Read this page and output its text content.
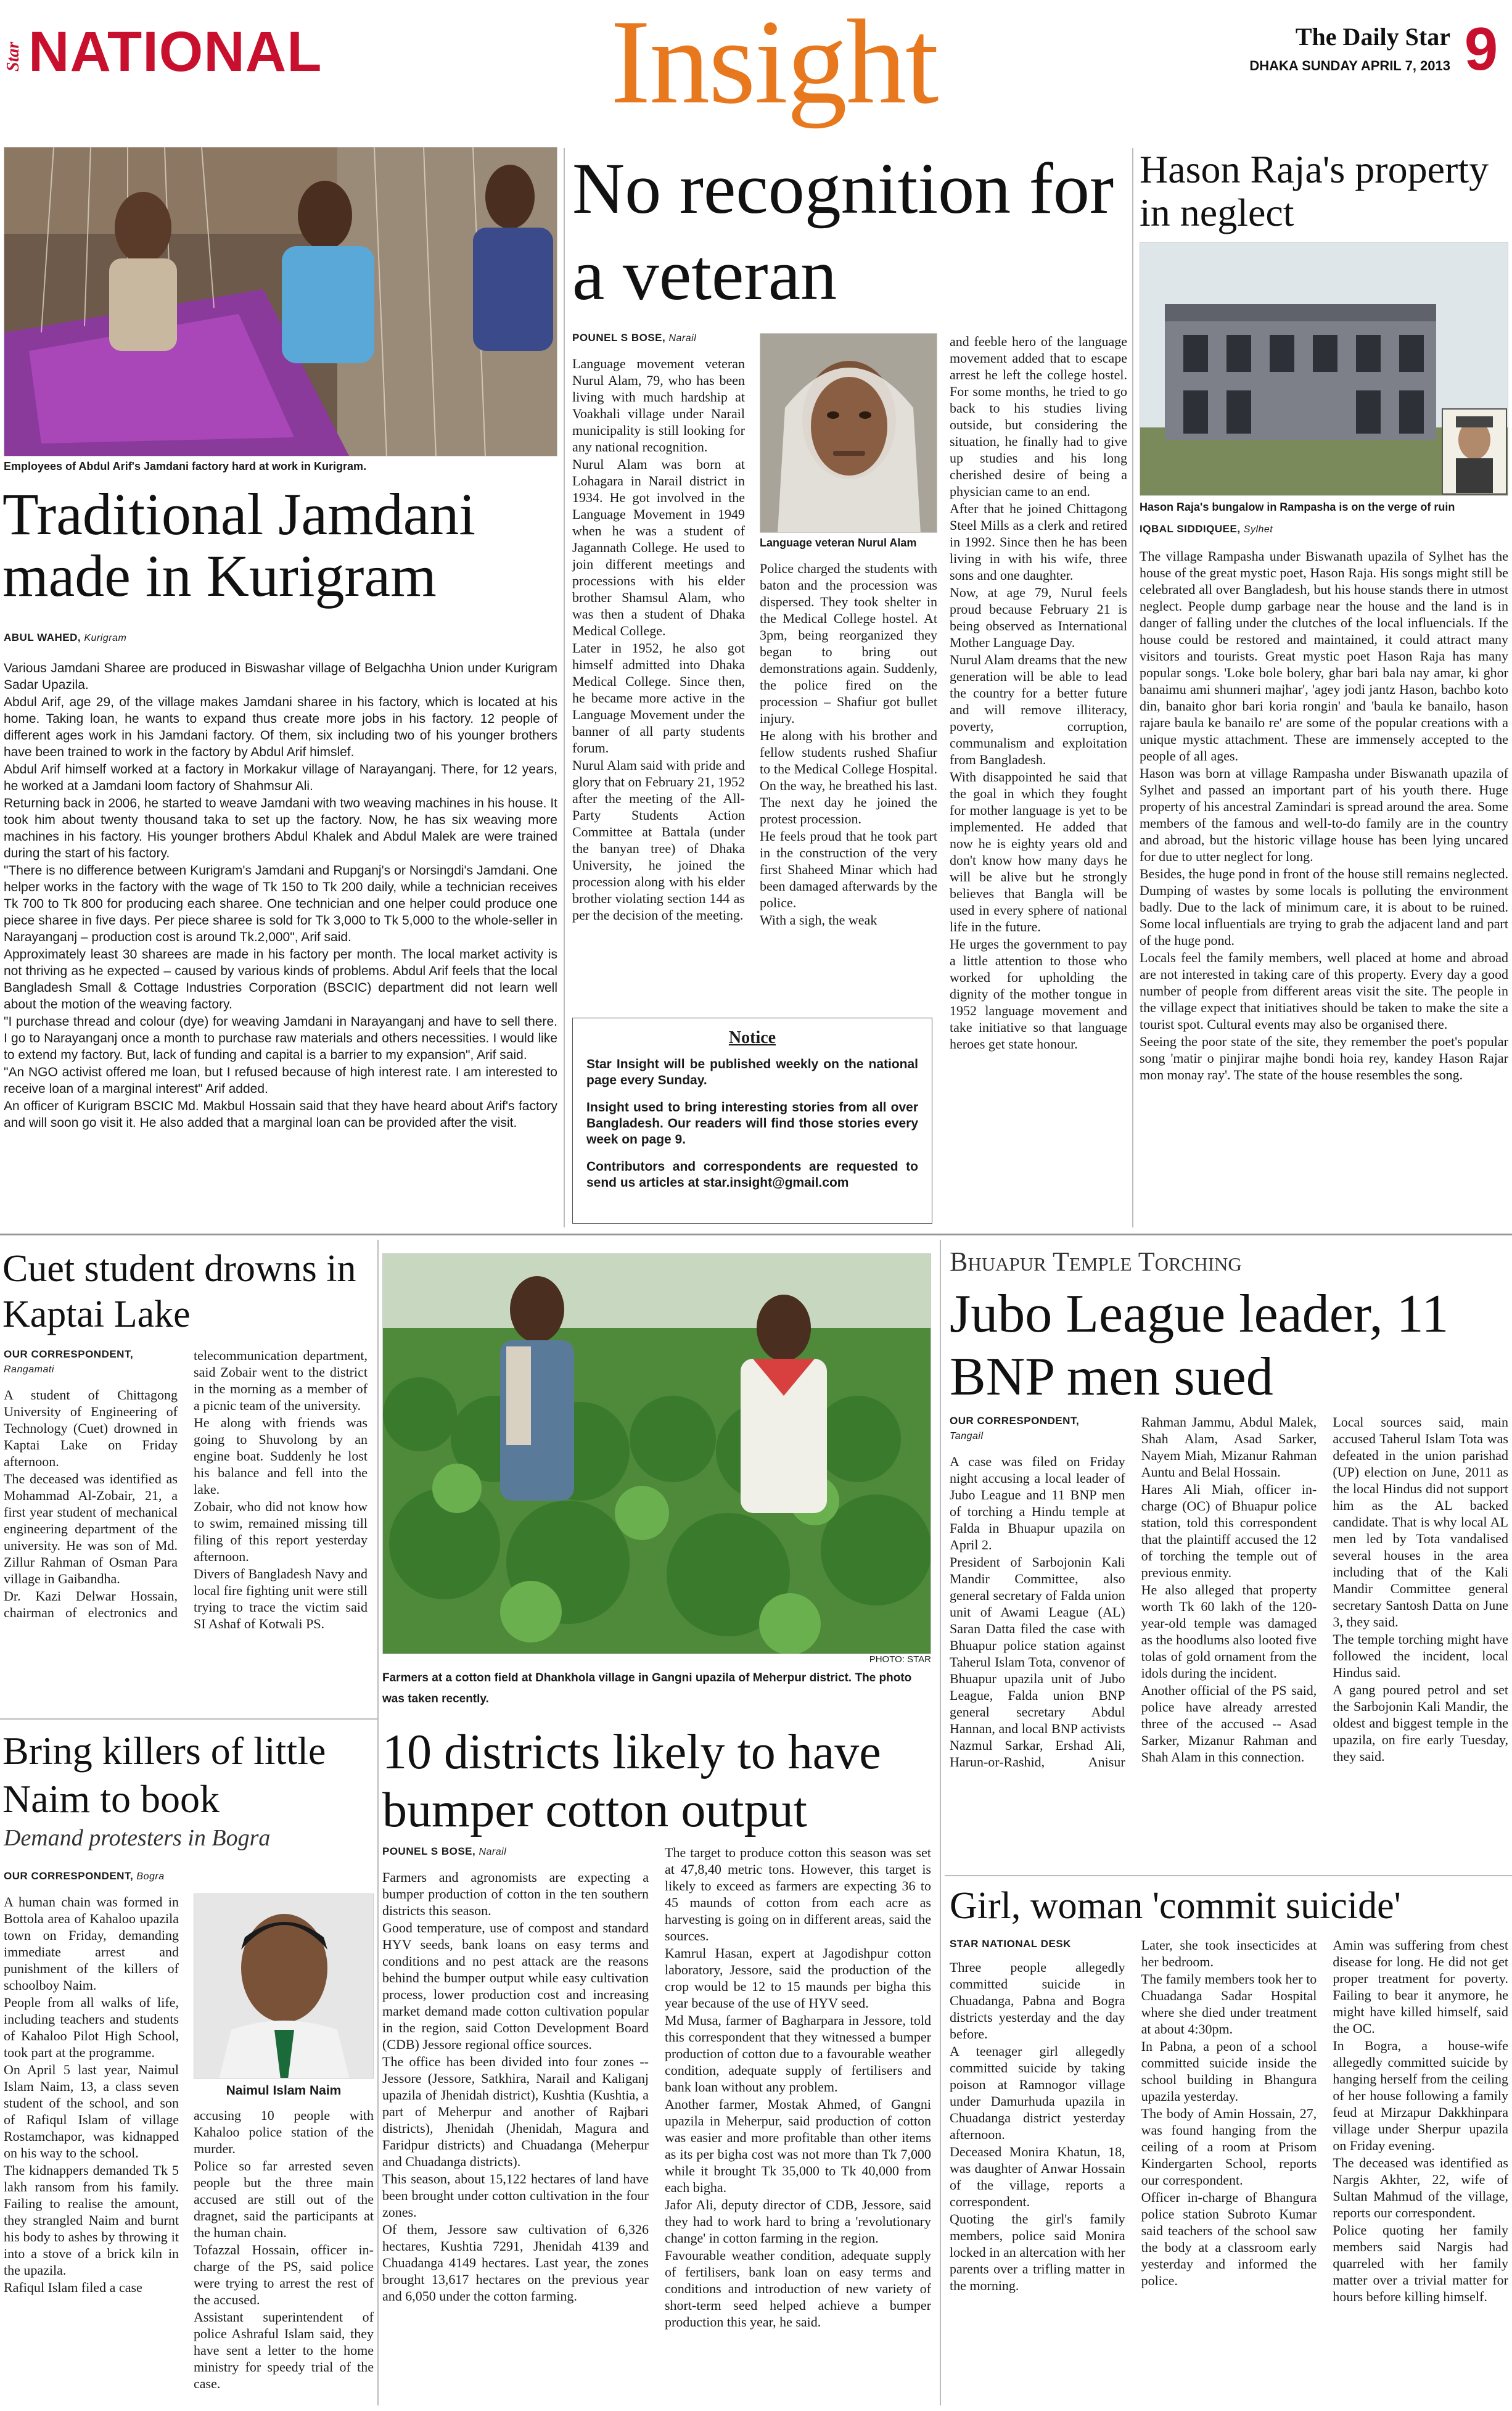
Star NATIONAL Insight	The Daily Star
DHAKA SUNDAY APRIL 7, 2013 9
Employees of Abdul Arif's Jamdani factory hard at work in Kurigram.
Traditional Jamdani made in Kurigram
ABUL WAHED, Kurigram

Various Jamdani Sharee are produced in Biswashar village of Belgachha Union under Kurigram Sadar Upazila.

Abdul Arif, age 29, of the village makes Jamdani sharee in his factory, which is located at his home. Taking loan, he wants to expand thus create more jobs in his factory. 12 people of different ages work in his Jamdani factory. Of them, six including two of his younger brothers have been trained to work in the factory by Abdul Arif himslef.

Abdul Arif himself worked at a factory in Morkakur village of Narayanganj. There, for 12 years, he worked at a Jamdani loom factory of Shahmsur Ali.

Returning back in 2006, he started to weave Jamdani with two weaving machines in his house. It took him about twenty thousand taka to set up the factory. Now, he has six weaving more machines in his factory. His younger brothers Abdul Khalek and Abdul Malek are were trained during the start of his factory.

"There is no difference between Kurigram's Jamdani and Rupganj's or Norsingdi's Jamdani. One helper works in the factory with the wage of Tk 150 to Tk 200 daily, while a technician receives Tk 700 to Tk 800 for producing each sharee. One technician and one helper could produce one piece sharee in five days. Per piece sharee is sold for Tk 3,000 to Tk 5,000 to the whole-seller in Narayanganj – production cost is around Tk.2,000", Arif said.

Approximately least 30 sharees are made in his factory per month. The local market activity is not thriving as he expected – caused by various kinds of problems. Abdul Arif feels that the local Bangladesh Small & Cottage Industries Corporation (BSCIC) department did not learn well about the motion of the weaving factory.

"I purchase thread and colour (dye) for weaving Jamdani in Narayanganj and have to sell there. I go to Narayanganj once a month to purchase raw materials and others necessities. I would like to extend my factory. But, lack of funding and capital is a barrier to my expansion", Arif said.

"An NGO activist offered me loan, but I refused because of high interest rate. I am interested to receive loan of a marginal interest" Arif added.

An officer of Kurigram BSCIC Md. Makbul Hossain said that they have heard about Arif's factory and will soon go visit it. He also added that a marginal loan can be provided after the visit.

No recognition for a veteran
POUNEL S BOSE, Narail

Language movement veteran Nurul Alam, 79, who has been living with much hardship at Voakhali village under Narail municipality is still looking for any national recognition.

Nurul Alam was born at Lohagara in Narail district in 1934. He got involved in the Language Movement in 1949 when he was a student of Jagannath College. He used to join different meetings and processions with his elder brother Shamsul Alam, who was then a student of Dhaka Medical College.

Later in 1952, he also got himself admitted into Dhaka Medical College. Since then, he became more active in the Language Movement under the banner of all party students forum.

Nurul Alam said with pride and glory that on February 21, 1952 after the meeting of the All-Party Students Action Committee at Battala (under the banyan tree) of Dhaka University, he joined the procession along with his elder brother violating section 144 as per the decision of the meeting.

Language veteran Nurul Alam

Police charged the students with baton and the procession was dispersed. They took shelter in the Medical College hostel. At 3pm, being reorganized they began to bring out demonstrations again. Suddenly, the police fired on the procession – Shafiur got bullet injury.

He along with his brother and fellow students rushed Shafiur to the Medical College Hospital. On the way, he breathed his last. The next day he joined the protest procession.

He feels proud that he took part in the construction of the very first Shaheed Minar which had been damaged afterwards by the police.

With a sigh, the weak

and feeble hero of the language movement added that to escape arrest he left the college hostel. For some months, he tried to go back to his studies living outside, but considering the situation, he finally had to give up studies and his long cherished desire of being a physician came to an end.

After that he joined Chittagong Steel Mills as a clerk and retired in 1992. Since then he has been living in with his wife, three sons and one daughter.

Now, at age 79, Nurul feels proud because February 21 is being observed as International Mother Language Day.

Nurul Alam dreams that the new generation will be able to lead the country for a better future and will remove illiteracy, poverty, corruption, communalism and exploitation from Bangladesh.

With disappointed he said that the goal in which they fought for mother language is yet to be implemented. He added that now he is eighty years old and don't know how many days he will be alive but he strongly believes that Bangla will be used in every sphere of national life in the future.

He urges the government to pay a little attention to those who worked for upholding the dignity of the mother tongue in 1952 language movement and take initiative so that language heroes get state honour.

Notice

Star Insight will be published weekly on the national page every Sunday.

Insight used to bring interesting stories from all over Bangladesh. Our readers will find those stories every week on page 9.

Contributors and correspondents are requested to send us articles at star.insight@gmail.com

Hason Raja's property in neglect
Hason Raja's bungalow in Rampasha is on the verge of ruin
IQBAL SIDDIQUEE, Sylhet

The village Rampasha under Biswanath upazila of Sylhet has the house of the great mystic poet, Hason Raja. His songs might still be celebrated all over Bangladesh, but his house stands there in utmost neglect. People dump garbage near the house and the land is in danger of falling under the clutches of the local influencials. If the house could be restored and maintained, it could attract many visitors and tourists. Great mystic poet Hason Raja has many popular songs. 'Loke bole bolery, ghar bari bala nay amar, ki ghor banaimu ami shunneri majhar', 'agey jodi jantz Hason, bachbo koto din, banaito ghor bari koria rongin' and 'baula ke banailo, hason rajare baula ke banailo re' are some of the popular creations with a unique mystic attachment. These are immensely accepted to the people of all ages.

Hason was born at village Rampasha under Biswanath upazila of Sylhet and passed an important part of his youth there. Huge property of his ancestral Zamindari is spread around the area. Some members of the famous and well-to-do family are in the country and abroad, but the historic village house has been lying uncared for due to utter neglect for long.

Besides, the huge pond in front of the house still remains neglected. Dumping of wastes by some locals is polluting the environment badly. Due to the lack of minimum care, it is about to be ruined. Some local influentials are trying to grab the adjacent land and part of the huge pond.

Locals feel the family members, well placed at home and abroad are not interested in taking care of this property. Every day a good number of people from different areas visit the site. The people in the village expect that initiatives should be taken to make the site a tourist spot. Cultural events may also be organised there.

Seeing the poor state of the site, they remember the poet's popular song 'matir o pinjirar majhe bondi hoia rey, kandey Hason Rajar mon monay ray'. The state of the house resembles the song.

Cuet student drowns in Kaptai Lake
OUR CORRESPONDENT,
Rangamati

A student of Chittagong University of Engineering of Technology (Cuet) drowned in Kaptai Lake on Friday afternoon.

The deceased was identified as Mohammad Al-Zobair, 21, a first year student of mechanical engineering department of the university. He was son of Md. Zillur Rahman of Osman Para village in Gaibandha.

Dr. Kazi Delwar Hossain, chairman of electronics and telecommunication department, said Zobair went to the district in the morning as a member of a picnic team of the university.

He along with friends was going to Shuvolong by an engine boat. Suddenly he lost his balance and fell into the lake.

Zobair, who did not know how to swim, remained missing till filing of this report yesterday afternoon.

Divers of Bangladesh Navy and local fire fighting unit were still trying to trace the victim said SI Ashaf of Kotwali PS.

PHOTO: STAR
Farmers at a cotton field at Dhankhola village in Gangni upazila of Meherpur district. The photo was taken recently.
Bhuapur Temple Torching
Jubo League leader, 11 BNP men sued
OUR CORRESPONDENT,
Tangail

A case was filed on Friday night accusing a local leader of Jubo League and 11 BNP men of torching a Hindu temple at Falda in Bhuapur upazila on April 2.

President of Sarbojonin Kali Mandir Committee, also general secretary of Falda union unit of Awami League (AL) Saran Datta filed the case with Bhuapur police station against Taherul Islam Tota, convenor of Bhuapur upazila unit of Jubo League, Falda union BNP general secretary Abdul Hannan, and local BNP activists Nazmul Sarkar, Ershad Ali, Harun-or-Rashid, Anisur Rahman Jammu, Abdul Malek, Shah Alam, Asad Sarker, Nayem Miah, Mizanur Rahman Auntu and Belal Hossain.

Hares Ali Miah, officer in-charge (OC) of Bhuapur police station, told this correspondent that the plaintiff accused the 12 of torching the temple out of previous enmity.

He also alleged that property worth Tk 60 lakh of the 120-year-old temple was damaged as the hoodlums also looted five tolas of gold ornament from the idols during the incident.

Another official of the PS said, police have already arrested three of the accused -- Asad Sarker, Mizanur Rahman and Shah Alam in this connection.

Local sources said, main accused Taherul Islam Tota was defeated in the union parishad (UP) election on June, 2011 as the local Hindus did not support him as the AL backed candidate. That is why local AL men led by Tota vandalised several houses in the area including that of the Kali Mandir Committee general secretary Santosh Datta on June 3, they said.

The temple torching might have followed the incident, local Hindus said.

A gang poured petrol and set the Sarbojonin Kali Mandir, the oldest and biggest temple in the upazila, on fire early Tuesday, they said.

Bring killers of little Naim to book
Demand protesters in Bogra
OUR CORRESPONDENT, Bogra

A human chain was formed in Bottola area of Kahaloo upazila town on Friday, demanding immediate arrest and punishment of the killers of schoolboy Naim.

People from all walks of life, including teachers and students of Kahaloo Pilot High School, took part at the programme.

On April 5 last year, Naimul Islam Naim, 13, a class seven student of the school, and son of Rafiqul Islam of village Rostamchapor, was kidnapped on his way to the school.

The kidnappers demanded Tk 5 lakh ransom from his family. Failing to realise the amount, they strangled Naim and burnt his body to ashes by throwing it into a stove of a brick kiln in the upazila.

Rafiqul Islam filed a case

Naimul Islam Naim

accusing 10 people with Kahaloo police station of the murder.

Police so far arrested seven people but the three main accused are still out of the dragnet, said the participants at the human chain.

Tofazzal Hossain, officer in-charge of the PS, said police were trying to arrest the rest of the accused.

Assistant superintendent of police Ashraful Islam said, they have sent a letter to the home ministry for speedy trial of the case.

10 districts likely to have bumper cotton output
POUNEL S BOSE, Narail

Farmers and agronomists are expecting a bumper production of cotton in the ten southern districts this season.

Good temperature, use of compost and standard HYV seeds, bank loans on easy terms and conditions and no pest attack are the reasons behind the bumper output while easy cultivation process, lower production cost and increasing market demand made cotton cultivation popular in the region, said Cotton Development Board (CDB) Jessore regional office sources.

The office has been divided into four zones -- Jessore (Jessore, Satkhira, Narail and Kaliganj upazila of Jhenidah district), Kushtia (Kushtia, a part of Meherpur and another of Rajbari districts), Jhenidah (Jhenidah, Magura and Faridpur districts) and Chuadanga (Meherpur and Chuadanga districts).

This season, about 15,122 hectares of land have been brought under cotton cultivation in the four zones.

Of them, Jessore saw cultivation of 6,326 hectares, Kushtia 7291, Jhenidah 4139 and Chuadanga 4149 hectares. Last year, the zones brought 13,617 hectares on the previous year and 6,050 under the cotton farming.

The target to produce cotton this season was set at 47,8,40 metric tons. However, this target is likely to exceed as farmers are expecting 36 to 45 maunds of cotton from each acre as harvesting is going on in different areas, said the sources.

Kamrul Hasan, expert at Jagodishpur cotton laboratory, Jessore, said the production of the crop would be 12 to 15 maunds per bigha this year because of the use of HYV seed.

Md Musa, farmer of Bagharpara in Jessore, told this correspondent that they witnessed a bumper production of cotton due to a favourable weather condition, adequate supply of fertilisers and bank loan without any problem.

Another farmer, Mostak Ahmed, of Gangni upazila in Meherpur, said production of cotton was easier and more profitable than other items as its per bigha cost was not more than Tk 7,000 while it brought Tk 35,000 to Tk 40,000 from each bigha.

Jafor Ali, deputy director of CDB, Jessore, said they had to work hard to bring a 'revolutionary change' in cotton farming in the region.

Favourable weather condition, adequate supply of fertilisers, bank loan on easy terms and conditions and introduction of new variety of short-term seed helped achieve a bumper production this year, he said.

Girl, woman 'commit suicide'
STAR NATIONAL DESK

Three people allegedly committed suicide in Chuadanga, Pabna and Bogra districts yesterday and the day before.

A teenager girl allegedly committed suicide by taking poison at Ramnogor village under Damurhuda upazila in Chuadanga district yesterday afternoon.

Deceased Monira Khatun, 18, was daughter of Anwar Hossain of the village, reports a correspondent.

Quoting the girl's family members, police said Monira locked in an altercation with her parents over a trifling matter in the morning.

Later, she took insecticides at her bedroom.

The family members took her to Chuadanga Sadar Hospital where she died under treatment at about 4:30pm.

In Pabna, a peon of a school committed suicide inside the school building in Bhangura upazila yesterday.

The body of Amin Hossain, 27, was found hanging from the ceiling of a room at Prisom Kindergarten School, reports our correspondent.

Officer in-charge of Bhangura police station Subroto Kumar said teachers of the school saw the body at a classroom early yesterday and informed the police.

Amin was suffering from chest disease for long. He did not get proper treatment for poverty. Failing to bear it anymore, he might have killed himself, said the OC.

In Bogra, a house-wife allegedly committed suicide by hanging herself from the ceiling of her house following a family feud at Mirzapur Dakkhinpara village under Sherpur upazila on Friday evening.

The deceased was identified as Nargis Akhter, 22, wife of Sultan Mahmud of the village, reports our correspondent.

Police quoting her family members said Nargis had quarreled with her family matter over a trivial matter for hours before killing himself.
